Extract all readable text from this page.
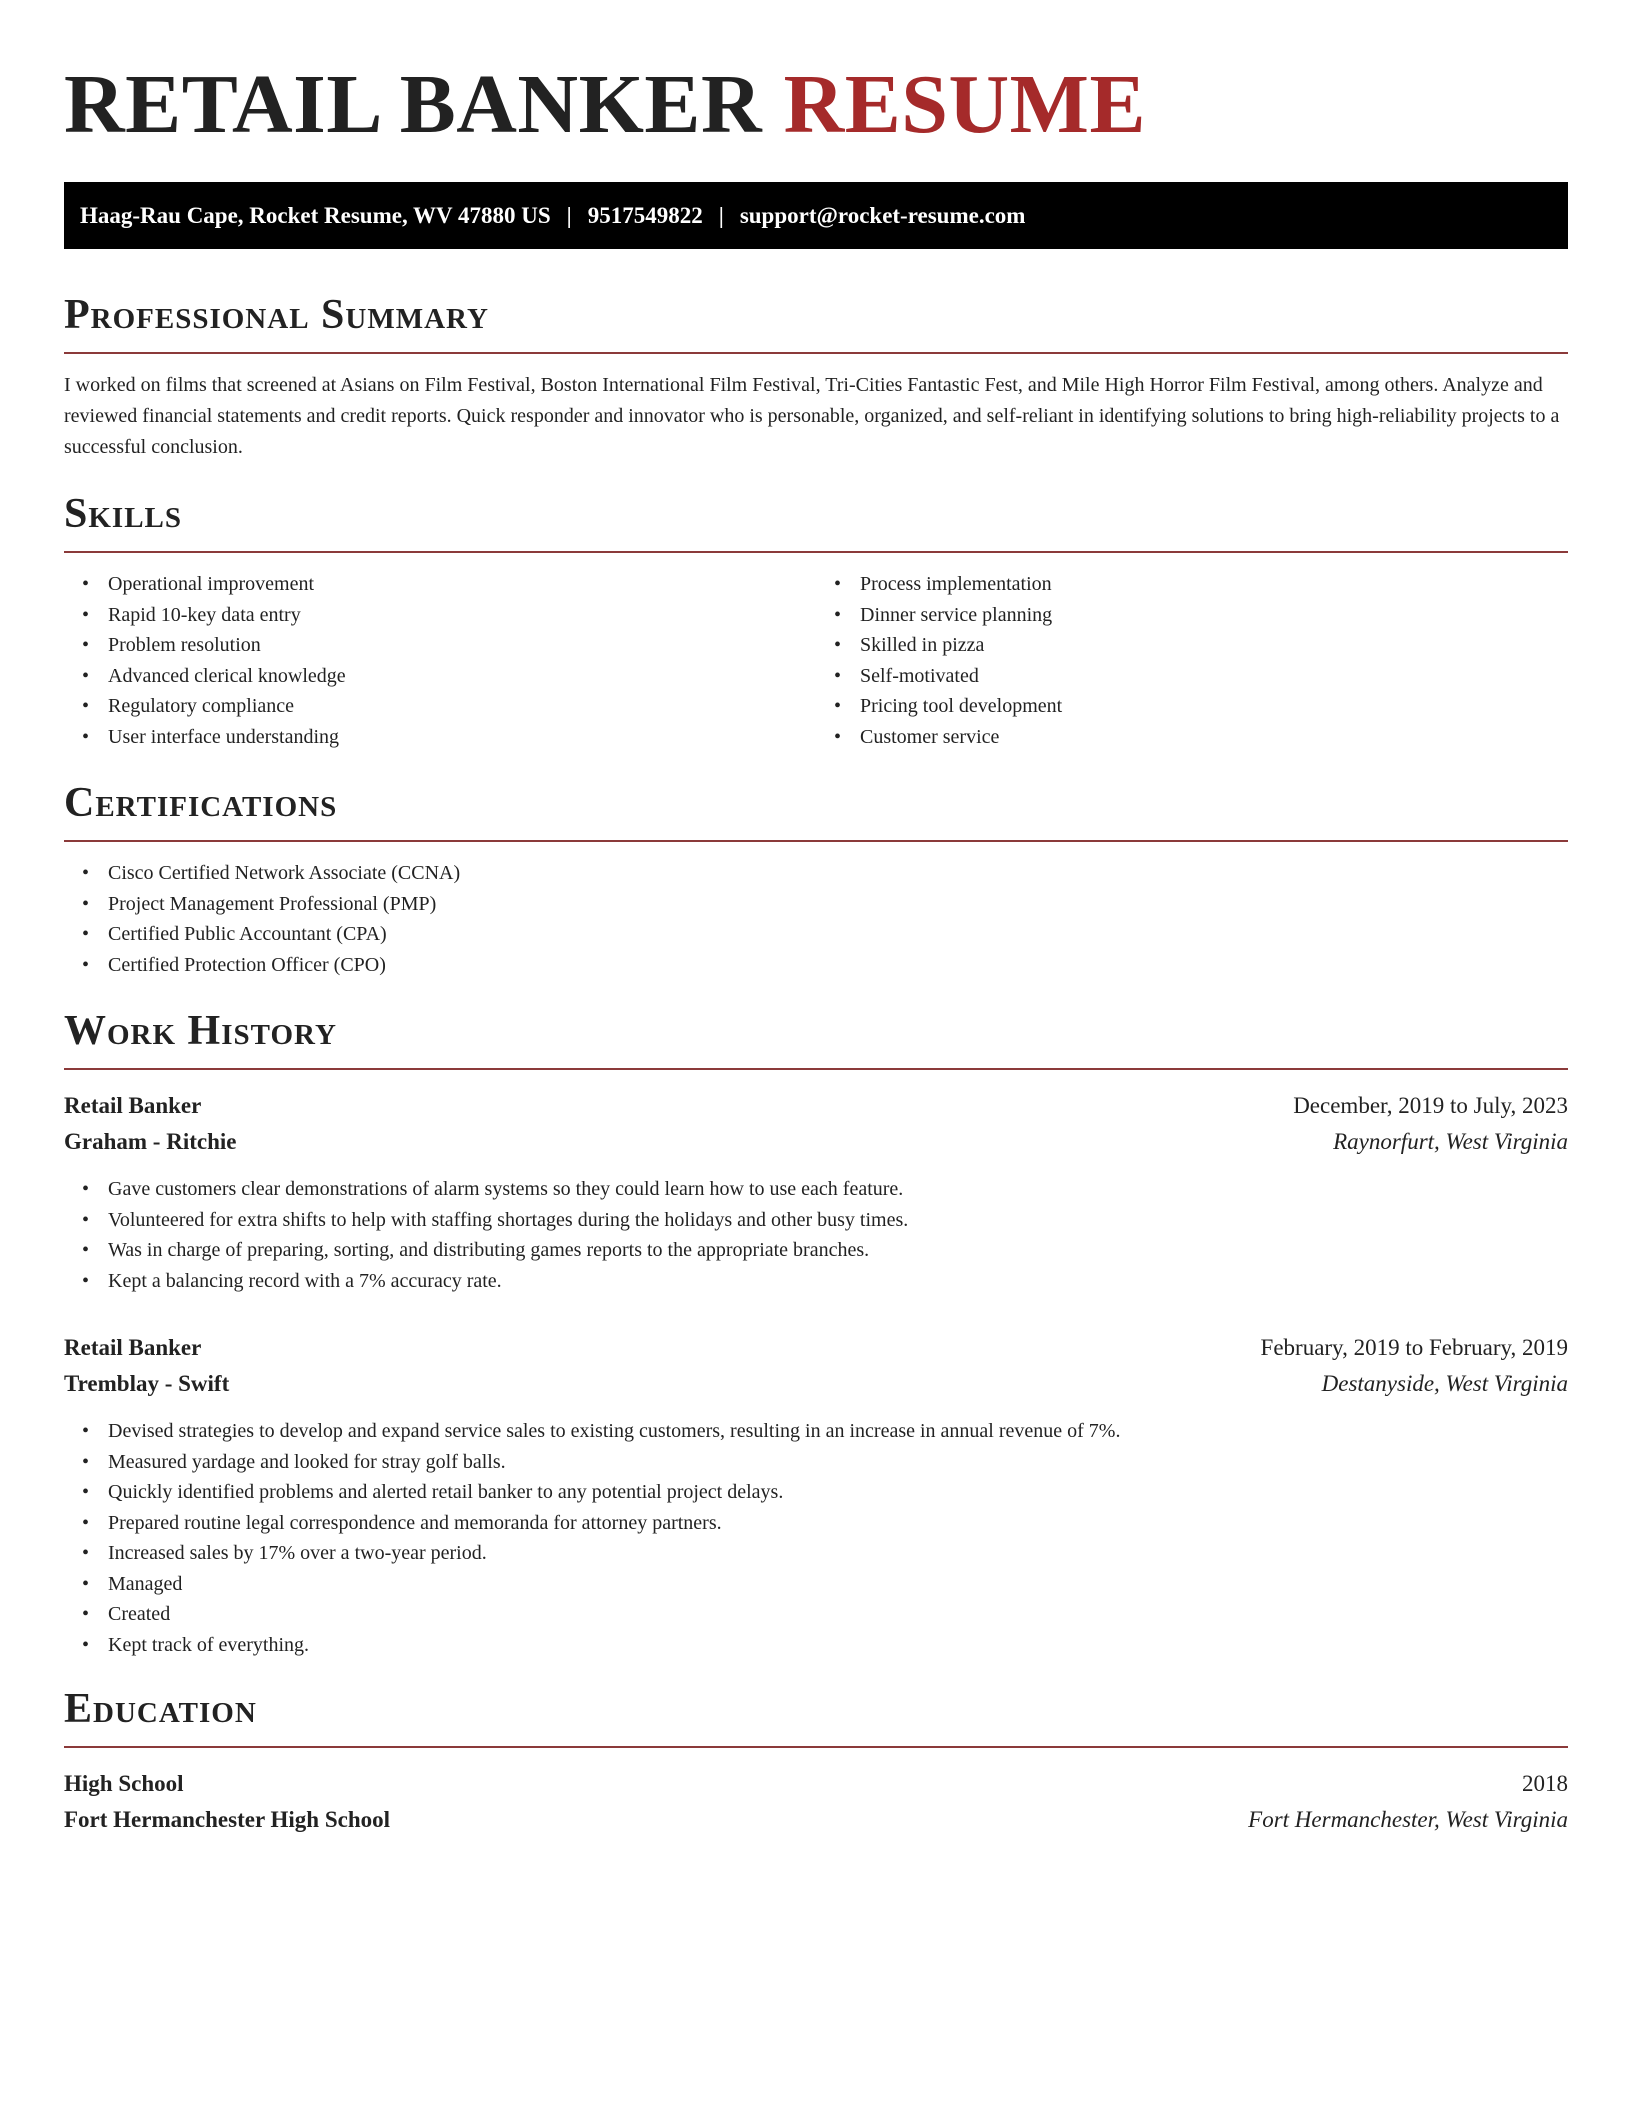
RETAIL BANKER RESUME
Haag-Rau Cape, Rocket Resume, WV 47880 US | 9517549822 | support@rocket-resume.com
Professional Summary

I worked on films that screened at Asians on Film Festival, Boston International Film Festival, Tri-Cities Fantastic Fest, and Mile High Horror Film Festival, among others. Analyze and reviewed financial statements and credit reports. Quick responder and innovator who is personable, organized, and self-reliant in identifying solutions to bring high-reliability projects to a successful conclusion.

Skills
• Operational improvement
• Rapid 10-key data entry
• Problem resolution
• Advanced clerical knowledge
• Regulatory compliance
• User interface understanding
• Process implementation
• Dinner service planning
• Skilled in pizza
• Self-motivated
• Pricing tool development
• Customer service
Certifications
• Cisco Certified Network Associate (CCNA)
• Project Management Professional (PMP)
• Certified Public Accountant (CPA)
• Certified Protection Officer (CPO)
Work History
Retail Banker	December, 2019 to July, 2023
Graham - Ritchie	Raynorfurt, West Virginia
• Gave customers clear demonstrations of alarm systems so they could learn how to use each feature.
• Volunteered for extra shifts to help with staffing shortages during the holidays and other busy times.
• Was in charge of preparing, sorting, and distributing games reports to the appropriate branches.
• Kept a balancing record with a 7% accuracy rate.
Retail Banker	February, 2019 to February, 2019
Tremblay - Swift	Destanyside, West Virginia
• Devised strategies to develop and expand service sales to existing customers, resulting in an increase in annual revenue of 7%.
• Measured yardage and looked for stray golf balls.
• Quickly identified problems and alerted retail banker to any potential project delays.
• Prepared routine legal correspondence and memoranda for attorney partners.
• Increased sales by 17% over a two-year period.
• Managed
• Created
• Kept track of everything.
Education
High School	2018
Fort Hermanchester High School	Fort Hermanchester, West Virginia
